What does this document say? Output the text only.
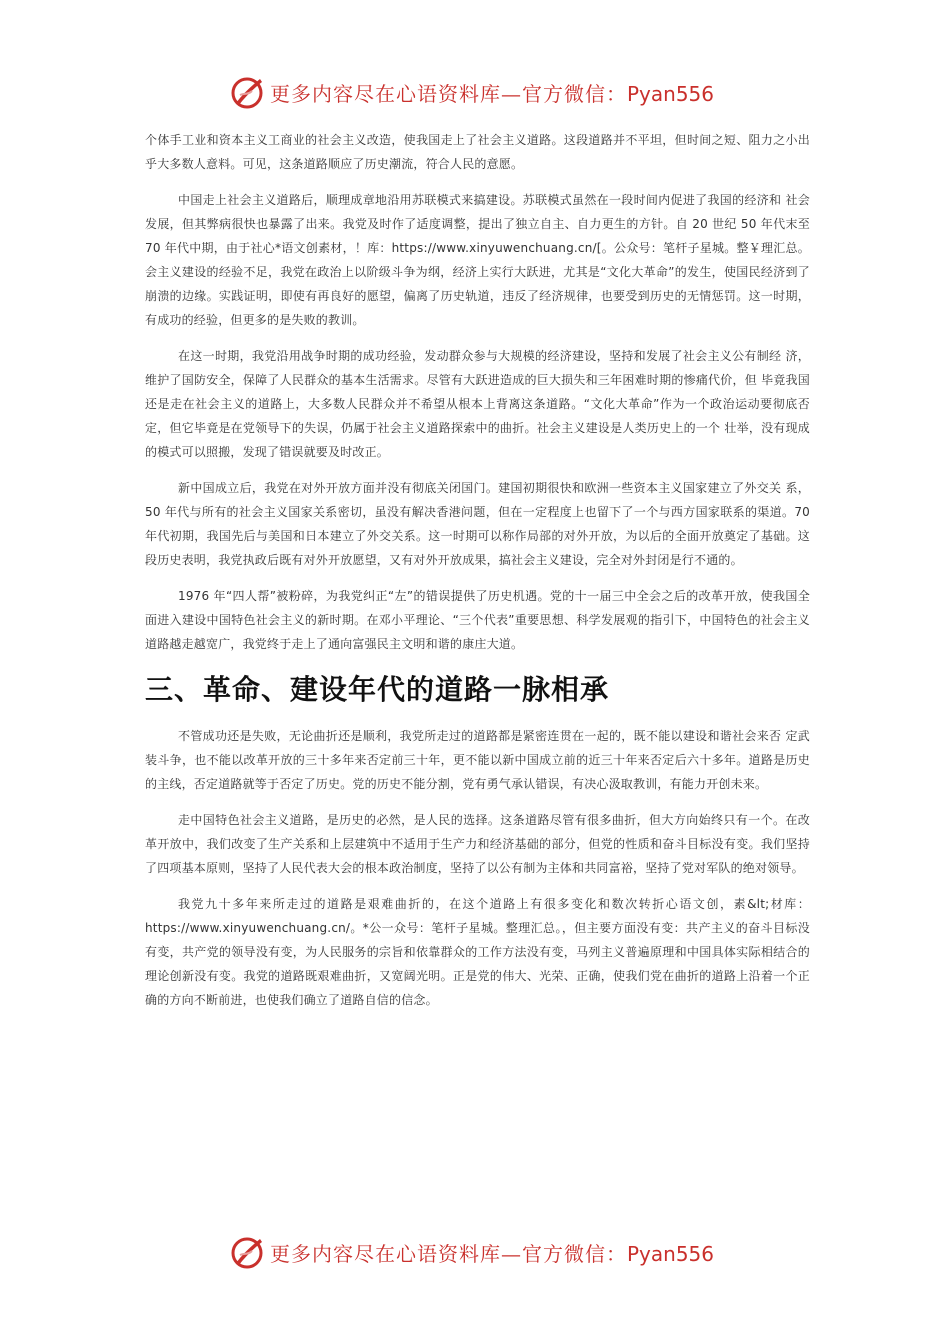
更多内容尽在心语资料库—官方微信：Pyan556

个体手工业和资本主义工商业的社会主义改造，使我国走上了社会主义道路。这段道路并不平坦，但时间之短、阻力之小出乎大多数人意料。可见，这条道路顺应了历史潮流，符合人民的意愿。

中国走上社会主义道路后，顺理成章地沿用苏联模式来搞建设。苏联模式虽然在一段时间内促进了我国的经济和 社会发展，但其弊病很快也暴露了出来。我党及时作了适度调整，提出了独立自主、自力更生的方针。自 20 世纪 50 年代末至 70 年代中期，由于社心*语文创素材，！库：https://www.xinyuwenchuang.cn/[。公众号：笔杆子星城。整￥理汇总。会主义建设的经验不足，我党在政治上以阶级斗争为纲，经济上实行大跃进，尤其是“文化大革命”的发生，使国民经济到了崩溃的边缘。实践证明，即使有再良好的愿望，偏离了历史轨道，违反了经济规律，也要受到历史的无情惩罚。这一时期，有成功的经验，但更多的是失败的教训。

在这一时期，我党沿用战争时期的成功经验，发动群众参与大规模的经济建设，坚持和发展了社会主义公有制经 济，维护了国防安全，保障了人民群众的基本生活需求。尽管有大跃进造成的巨大损失和三年困难时期的惨痛代价，但 毕竟我国还是走在社会主义的道路上，大多数人民群众并不希望从根本上背离这条道路。“文化大革命”作为一个政治运动要彻底否定，但它毕竟是在党领导下的失误，仍属于社会主义道路探索中的曲折。社会主义建设是人类历史上的一个 壮举，没有现成的模式可以照搬，发现了错误就要及时改正。

新中国成立后，我党在对外开放方面并没有彻底关闭国门。建国初期很快和欧洲一些资本主义国家建立了外交关 系，50 年代与所有的社会主义国家关系密切，虽没有解决香港问题，但在一定程度上也留下了一个与西方国家联系的渠道。70 年代初期，我国先后与美国和日本建立了外交关系。这一时期可以称作局部的对外开放，为以后的全面开放奠定了基础。这段历史表明，我党执政后既有对外开放愿望，又有对外开放成果，搞社会主义建设，完全对外封闭是行不通的。

1976 年“四人帮”被粉碎，为我党纠正“左”的错误提供了历史机遇。党的十一届三中全会之后的改革开放，使我国全面进入建设中国特色社会主义的新时期。在邓小平理论、“三个代表”重要思想、科学发展观的指引下，中国特色的社会主义道路越走越宽广，我党终于走上了通向富强民主文明和谐的康庄大道。

三、革命、建设年代的道路一脉相承

不管成功还是失败，无论曲折还是顺利，我党所走过的道路都是紧密连贯在一起的，既不能以建设和谐社会来否 定武装斗争，也不能以改革开放的三十多年来否定前三十年，更不能以新中国成立前的近三十年来否定后六十多年。道路是历史的主线，否定道路就等于否定了历史。党的历史不能分割，党有勇气承认错误，有决心汲取教训，有能力开创未来。

走中国特色社会主义道路，是历史的必然，是人民的选择。这条道路尽管有很多曲折，但大方向始终只有一个。在改革开放中，我们改变了生产关系和上层建筑中不适用于生产力和经济基础的部分，但党的性质和奋斗目标没有变。我们坚持了四项基本原则，坚持了人民代表大会的根本政治制度，坚持了以公有制为主体和共同富裕，坚持了党对军队的绝对领导。

我党九十多年来所走过的道路是艰难曲折的，在这个道路上有很多变化和数次转折心语文创，素&lt;材库：https://www.xinyuwenchuang.cn/。*公一众号：笔杆子星城。整理汇总。，但主要方面没有变：共产主义的奋斗目标没有变，共产党的领导没有变，为人民服务的宗旨和依靠群众的工作方法没有变，马列主义普遍原理和中国具体实际相结合的理论创新没有变。我党的道路既艰难曲折，又宽阔光明。正是党的伟大、光荣、正确，使我们党在曲折的道路上沿着一个正确的方向不断前进，也使我们确立了道路自信的信念。

更多内容尽在心语资料库—官方微信：Pyan556
